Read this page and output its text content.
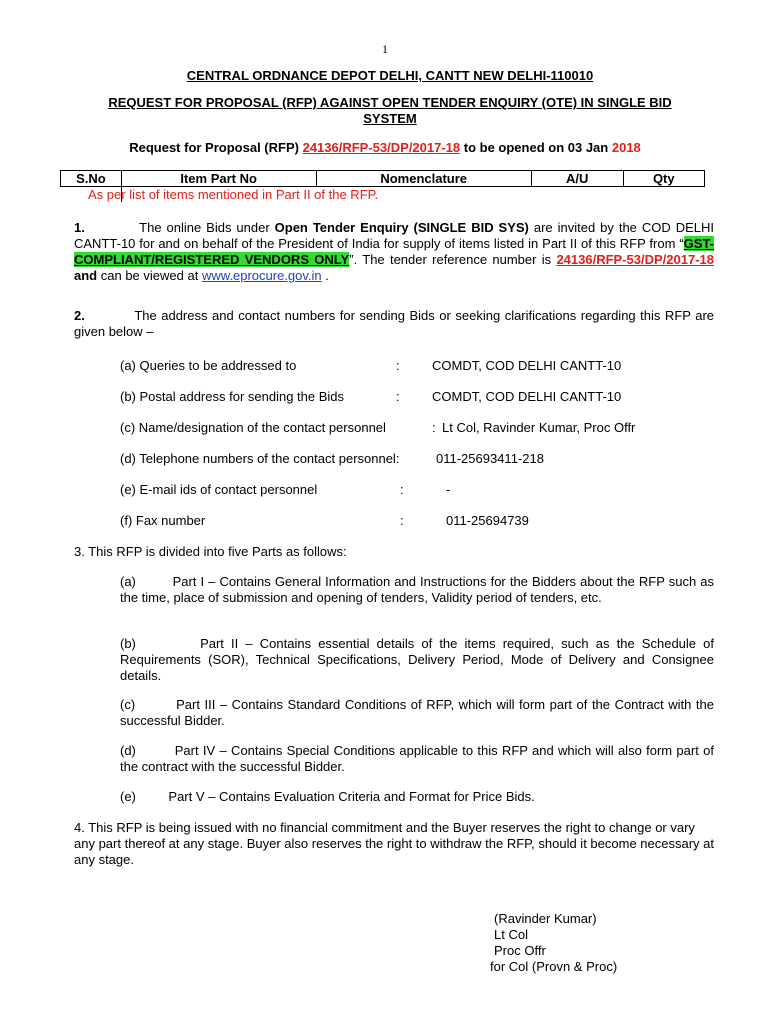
1
CENTRAL ORDNANCE DEPOT DELHI, CANTT NEW DELHI-110010
REQUEST FOR PROPOSAL (RFP) AGAINST OPEN TENDER ENQUIRY (OTE) IN SINGLE BID SYSTEM
Request for Proposal (RFP) 24136/RFP-53/DP/2017-18 to be opened on 03 Jan 2018
S.No	Item Part No	Nomenclature	A/U	Qty
	As per list of items mentioned in Part II of the RFP.
1.	The online Bids under Open Tender Enquiry (SINGLE BID SYS) are invited by the COD DELHI CANTT-10 for and on behalf of the President of India for supply of items listed in Part II of this RFP from “GST-COMPLIANT/REGISTERED VENDORS ONLY”. The tender reference number is 24136/RFP-53/DP/2017-18 and can be viewed at www.eprocure.gov.in .
2.	The address and contact numbers for sending Bids or seeking clarifications regarding this RFP are given below –
(a) Queries to be addressed to	: COMDT, COD DELHI CANTT-10
(b) Postal address for sending the Bids	: COMDT, COD DELHI CANTT-10
(c) Name/designation of the contact personnel	: Lt Col, Ravinder Kumar, Proc Offr
(d) Telephone numbers of the contact personnel:	011-25693411-218
(e) E-mail ids of contact personnel	:	-
(f) Fax number	:	011-25694739
3. This RFP is divided into five Parts as follows:
(a)	Part I – Contains General Information and Instructions for the Bidders about the RFP such as the time, place of submission and opening of tenders, Validity period of tenders, etc.
(b)	Part II – Contains essential details of the items required, such as the Schedule of Requirements (SOR), Technical Specifications, Delivery Period, Mode of Delivery and Consignee details.
(c)	Part III – Contains Standard Conditions of RFP, which will form part of the Contract with the successful Bidder.
(d)	Part IV – Contains Special Conditions applicable to this RFP and which will also form part of the contract with the successful Bidder.
(e)	Part V – Contains Evaluation Criteria and Format for Price Bids.
4. This RFP is being issued with no financial commitment and the Buyer reserves the right to change or vary any part thereof at any stage. Buyer also reserves the right to withdraw the RFP, should it become necessary at any stage.
(Ravinder Kumar)
Lt Col
Proc Offr
for Col (Provn & Proc)
